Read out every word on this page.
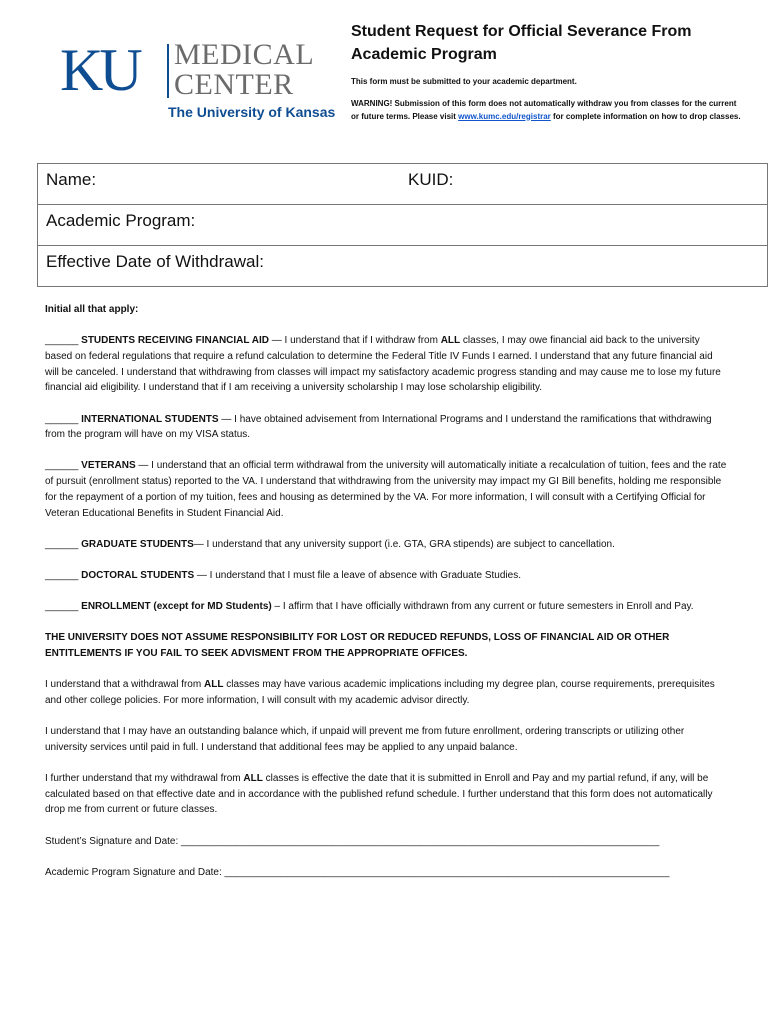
KU MEDICAL
CENTER
The University of Kansas
Student Request for Official Severance From Academic Program

This form must be submitted to your academic department.

WARNING! Submission of this form does not automatically withdraw you from classes for the current or future terms. Please visit www.kumc.edu/registrar for complete information on how to drop classes.

Name:	KUID:
Academic Program:
Effective Date of Withdrawal:

Initial all that apply:

______ STUDENTS RECEIVING FINANCIAL AID — I understand that if I withdraw from ALL classes, I may owe financial aid back to the university based on federal regulations that require a refund calculation to determine the Federal Title IV Funds I earned. I understand that any future financial aid will be canceled. I understand that withdrawing from classes will impact my satisfactory academic progress standing and may cause me to lose my future financial aid eligibility. I understand that if I am receiving a university scholarship I may lose scholarship eligibility.

______ INTERNATIONAL STUDENTS — I have obtained advisement from International Programs and I understand the ramifications that withdrawing from the program will have on my VISA status.

______ VETERANS — I understand that an official term withdrawal from the university will automatically initiate a recalculation of tuition, fees and the rate of pursuit (enrollment status) reported to the VA. I understand that withdrawing from the university may impact my GI Bill benefits, holding me responsible for the repayment of a portion of my tuition, fees and housing as determined by the VA. For more information, I will consult with a Certifying Official for Veteran Educational Benefits in Student Financial Aid.

______ GRADUATE STUDENTS— I understand that any university support (i.e. GTA, GRA stipends) are subject to cancellation.

______ DOCTORAL STUDENTS — I understand that I must file a leave of absence with Graduate Studies.

______ ENROLLMENT (except for MD Students) – I affirm that I have officially withdrawn from any current or future semesters in Enroll and Pay.

THE UNIVERSITY DOES NOT ASSUME RESPONSIBILITY FOR LOST OR REDUCED REFUNDS, LOSS OF FINANCIAL AID OR OTHER ENTITLEMENTS IF YOU FAIL TO SEEK ADVISMENT FROM THE APPROPRIATE OFFICES.

I understand that a withdrawal from ALL classes may have various academic implications including my degree plan, course requirements, prerequisites and other college policies. For more information, I will consult with my academic advisor directly.

I understand that I may have an outstanding balance which, if unpaid will prevent me from future enrollment, ordering transcripts or utilizing other university services until paid in full. I understand that additional fees may be applied to any unpaid balance.

I further understand that my withdrawal from ALL classes is effective the date that it is submitted in Enroll and Pay and my partial refund, if any, will be calculated based on that effective date and in accordance with the published refund schedule. I further understand that this form does not automatically drop me from current or future classes.

Student’s Signature and Date: ______________________________________________________________________________________

Academic Program Signature and Date: ________________________________________________________________________________
